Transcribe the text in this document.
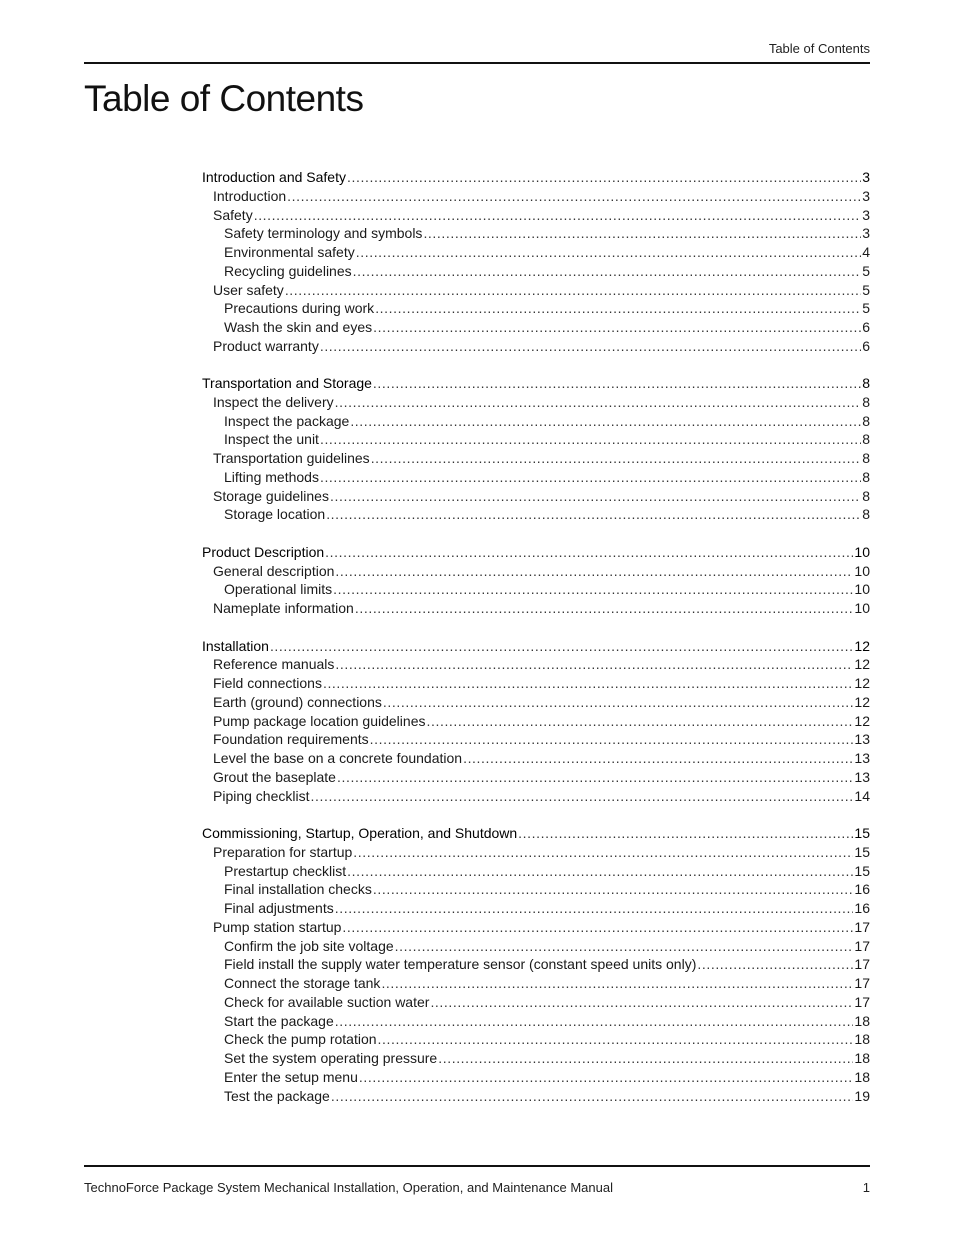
Table of Contents
Table of Contents
Introduction and Safety .....	3
Introduction .....	3
Safety .....	3
Safety terminology and symbols .....	3
Environmental safety .....	4
Recycling guidelines .....	5
User safety .....	5
Precautions during work .....	5
Wash the skin and eyes .....	6
Product warranty .....	6
Transportation and Storage .....	8
Inspect the delivery .....	8
Inspect the package .....	8
Inspect the unit .....	8
Transportation guidelines .....	8
Lifting methods .....	8
Storage guidelines .....	8
Storage location .....	8
Product Description .....	10
General description .....	10
Operational limits .....	10
Nameplate information .....	10
Installation .....	12
Reference manuals .....	12
Field connections .....	12
Earth (ground) connections .....	12
Pump package location guidelines .....	12
Foundation requirements .....	13
Level the base on a concrete foundation .....	13
Grout the baseplate .....	13
Piping checklist .....	14
Commissioning, Startup, Operation, and Shutdown .....	15
Preparation for startup .....	15
Prestartup checklist .....	15
Final installation checks .....	16
Final adjustments .....	16
Pump station startup .....	17
Confirm the job site voltage .....	17
Field install the supply water temperature sensor (constant speed units only) .....	17
Connect the storage tank .....	17
Check for available suction water .....	17
Start the package .....	18
Check the pump rotation .....	18
Set the system operating pressure .....	18
Enter the setup menu .....	18
Test the package .....	19
TechnoForce Package System Mechanical Installation, Operation, and Maintenance Manual	1
